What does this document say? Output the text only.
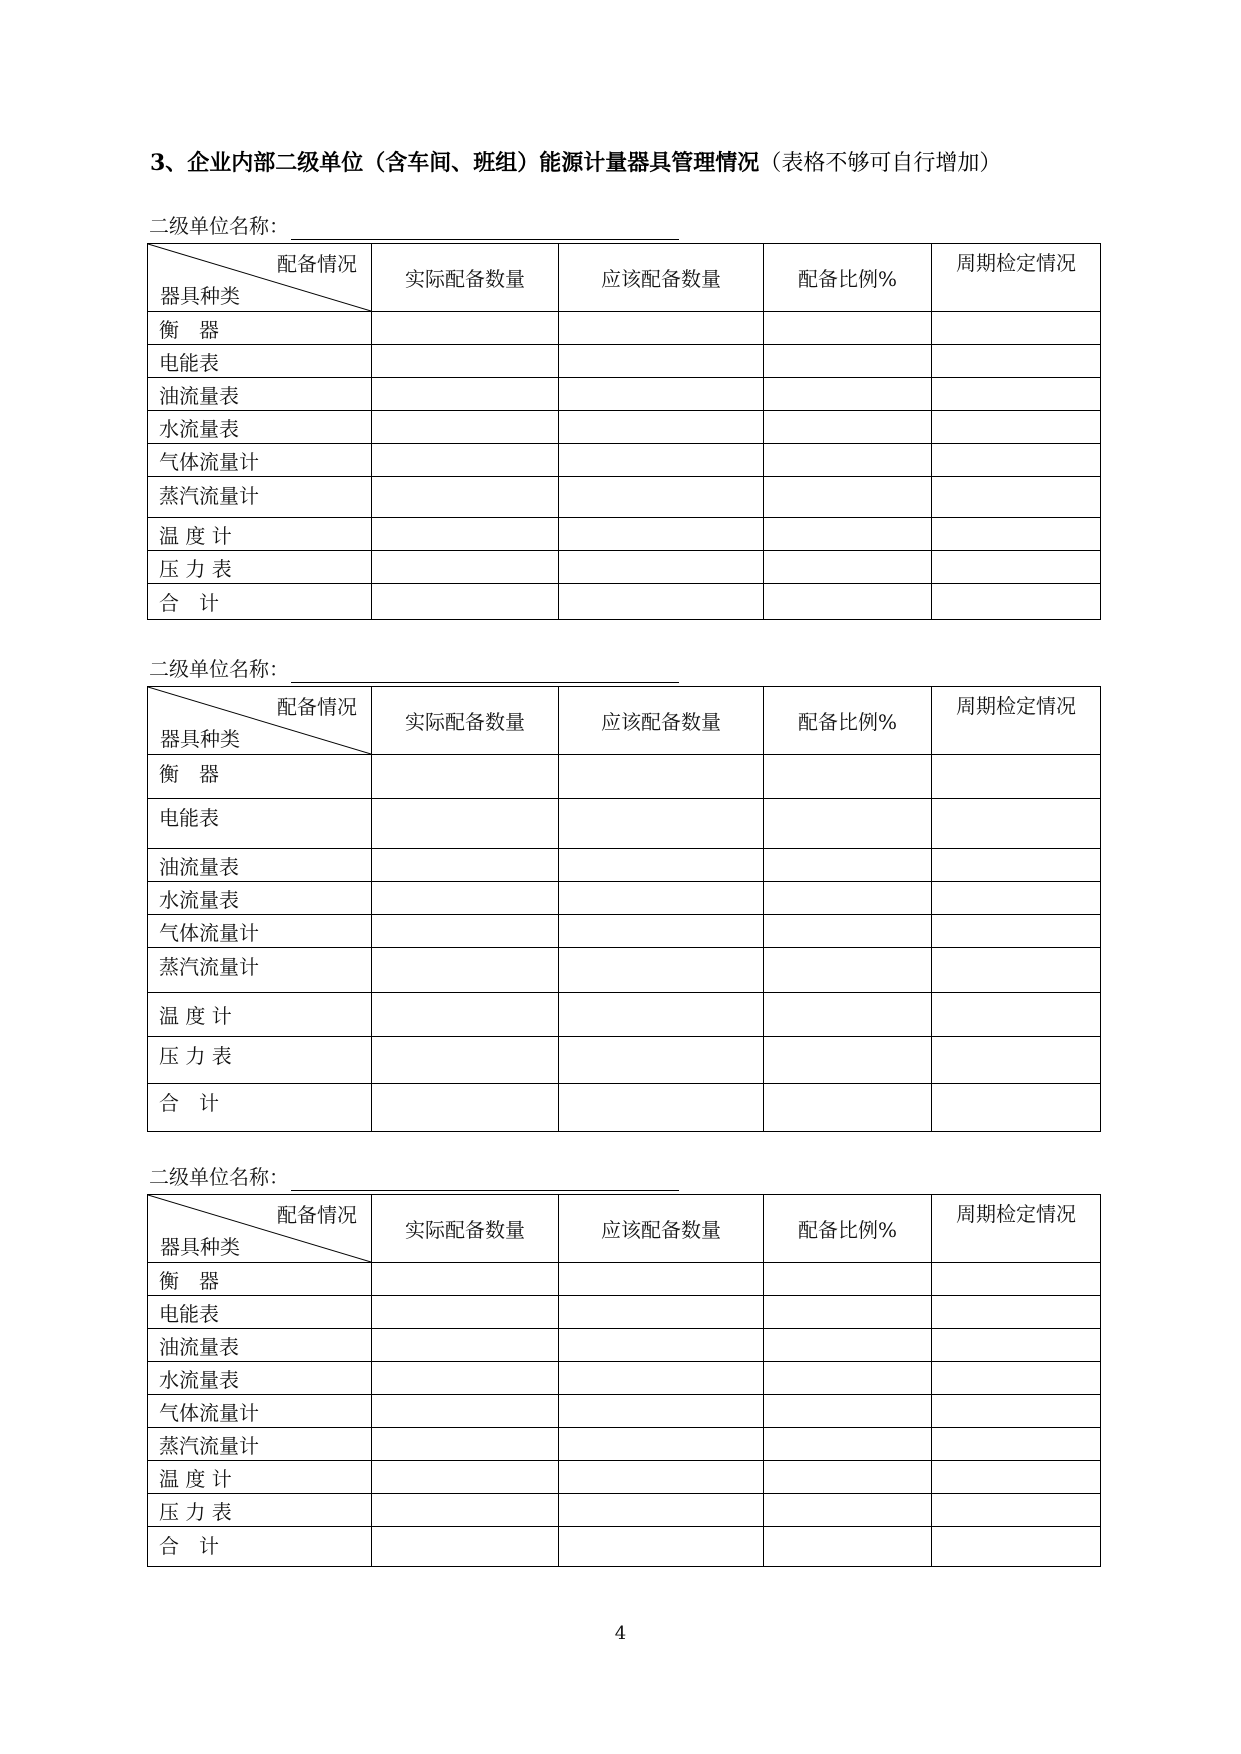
3、企业内部二级单位（含车间、班组）能源计量器具管理情况（表格不够可自行增加）
二级单位名称：
配备情况
器具种类	实际配备数量	应该配备数量	配备比例%	周期检定情况
衡　器				
电能表				
油流量表				
水流量表				
气体流量计				
蒸汽流量计				
温 度 计				
压 力 表				
合　计				
二级单位名称：
配备情况
器具种类	实际配备数量	应该配备数量	配备比例%	周期检定情况
衡　器				
电能表				
油流量表				
水流量表				
气体流量计				
蒸汽流量计				
温 度 计				
压 力 表				
合　计				
二级单位名称：
配备情况
器具种类	实际配备数量	应该配备数量	配备比例%	周期检定情况
衡　器				
电能表				
油流量表				
水流量表				
气体流量计				
蒸汽流量计				
温 度 计				
压 力 表				
合　计				
4
